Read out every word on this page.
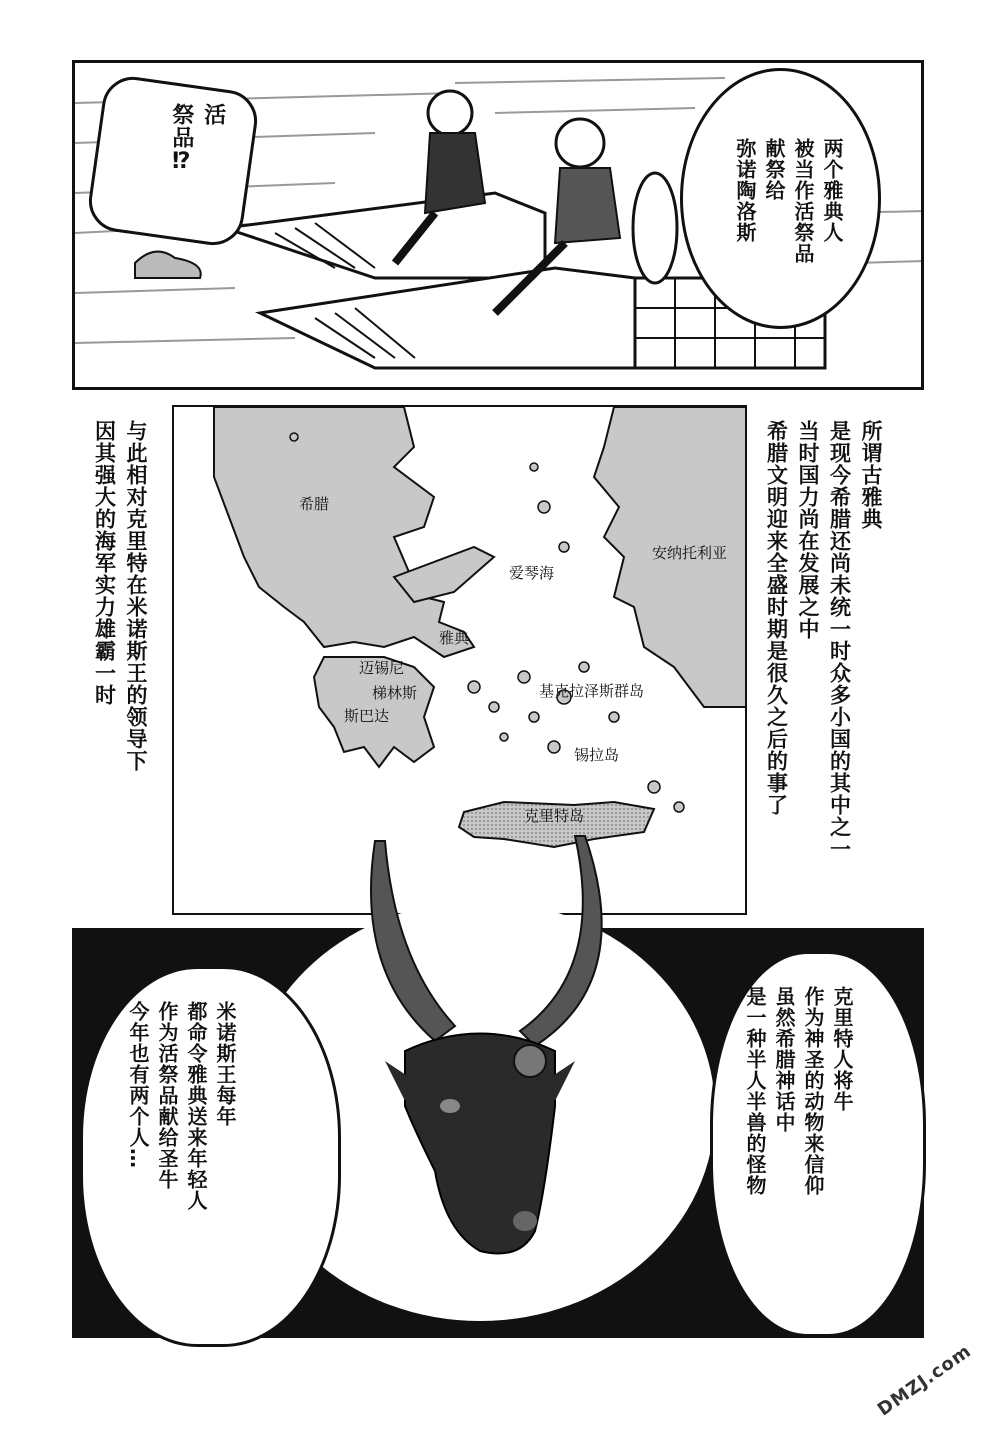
两个雅典人
被当作活祭品
献祭给
弥诺陶洛斯
活
祭品⁉
希腊
爱琴海
安纳托利亚
雅典
迈锡尼
梯林斯
斯巴达
基克拉泽斯群岛
锡拉岛
克里特岛
所谓古雅典
是现今希腊还尚未统一时众多小国的其中之一
当时国力尚在发展之中
希腊文明迎来全盛时期是很久之后的事了
与此相对克里特在米诺斯王的领导下
因其强大的海军实力雄霸一时
克里特人将牛
作为神圣的动物来信仰
虽然希腊神话中
是一种半人半兽的怪物
米诺斯王每年
都命令雅典送来年轻人
作为活祭品献给圣牛
今年也有两个人…
DMZJ.com
